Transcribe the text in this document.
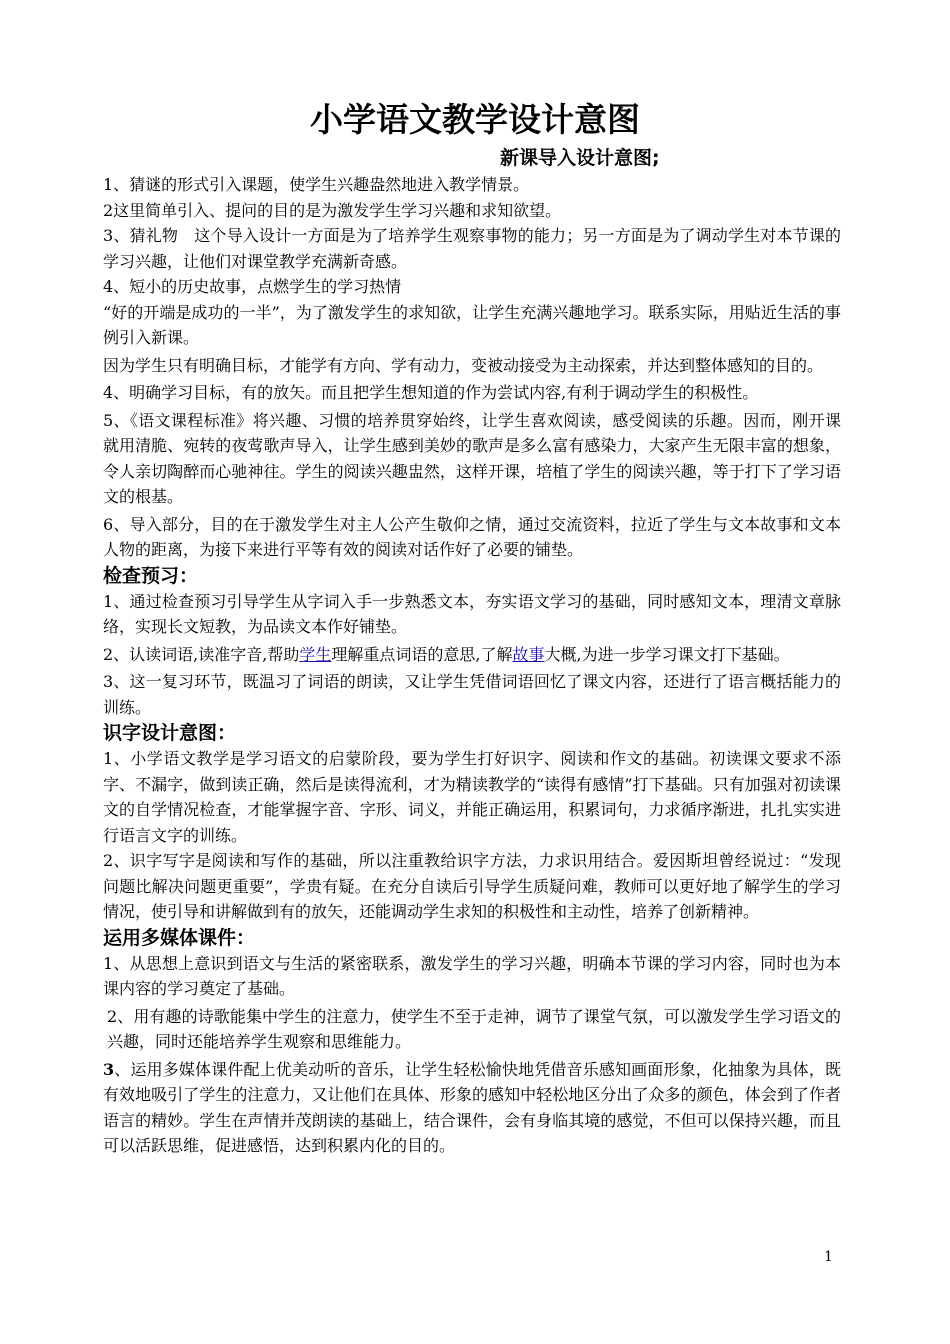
小学语文教学设计意图
新课导入设计意图;

1、猜谜的形式引入课题，使学生兴趣盎然地进入教学情景。

2这里简单引入、提问的目的是为激发学生学习兴趣和求知欲望。

3、猜礼物　这个导入设计一方面是为了培养学生观察事物的能力；另一方面是为了调动学生对本节课的学习兴趣，让他们对课堂教学充满新奇感。

4、短小的历史故事，点燃学生的学习热情

“好的开端是成功的一半”，为了激发学生的求知欲，让学生充满兴趣地学习。联系实际，用贴近生活的事例引入新课。

因为学生只有明确目标，才能学有方向、学有动力，变被动接受为主动探索，并达到整体感知的目的。

4、明确学习目标，有的放矢。而且把学生想知道的作为尝试内容,有利于调动学生的积极性。

5、《语文课程标准》将兴趣、习惯的培养贯穿始终，让学生喜欢阅读，感受阅读的乐趣。因而，刚开课就用清脆、宛转的夜莺歌声导入，让学生感到美妙的歌声是多么富有感染力，大家产生无限丰富的想象，令人亲切陶醉而心驰神往。学生的阅读兴趣盅然，这样开课，培植了学生的阅读兴趣，等于打下了学习语文的根基。

6、导入部分，目的在于激发学生对主人公产生敬仰之情，通过交流资料，拉近了学生与文本故事和文本人物的距离，为接下来进行平等有效的阅读对话作好了必要的铺垫。

检查预习：

1、通过检查预习引导学生从字词入手一步熟悉文本，夯实语文学习的基础，同时感知文本，理清文章脉络，实现长文短教，为品读文本作好铺垫。

2、认读词语,读准字音,帮助学生理解重点词语的意思,了解故事大概,为进一步学习课文打下基础。

3、这一复习环节，既温习了词语的朗读，又让学生凭借词语回忆了课文内容，还进行了语言概括能力的训练。

识字设计意图：

1、小学语文教学是学习语文的启蒙阶段，要为学生打好识字、阅读和作文的基础。初读课文要求不添字、不漏字，做到读正确，然后是读得流利，才为精读教学的“读得有感情”打下基础。只有加强对初读课文的自学情况检查，才能掌握字音、字形、词义，并能正确运用，积累词句，力求循序渐进，扎扎实实进行语言文字的训练。

2、识字写字是阅读和写作的基础，所以注重教给识字方法，力求识用结合。爱因斯坦曾经说过：“发现问题比解决问题更重要”，学贵有疑。在充分自读后引导学生质疑问难，教师可以更好地了解学生的学习情况，使引导和讲解做到有的放矢，还能调动学生求知的积极性和主动性，培养了创新精神。

运用多媒体课件：

1、从思想上意识到语文与生活的紧密联系，激发学生的学习兴趣，明确本节课的学习内容，同时也为本课内容的学习奠定了基础。

2、用有趣的诗歌能集中学生的注意力，使学生不至于走神，调节了课堂气氛，可以激发学生学习语文的兴趣，同时还能培养学生观察和思维能力。

3、运用多媒体课件配上优美动听的音乐，让学生轻松愉快地凭借音乐感知画面形象，化抽象为具体，既有效地吸引了学生的注意力，又让他们在具体、形象的感知中轻松地区分出了众多的颜色，体会到了作者语言的精妙。学生在声情并茂朗读的基础上，结合课件，会有身临其境的感觉，不但可以保持兴趣，而且可以活跃思维，促进感悟，达到积累内化的目的。

1
